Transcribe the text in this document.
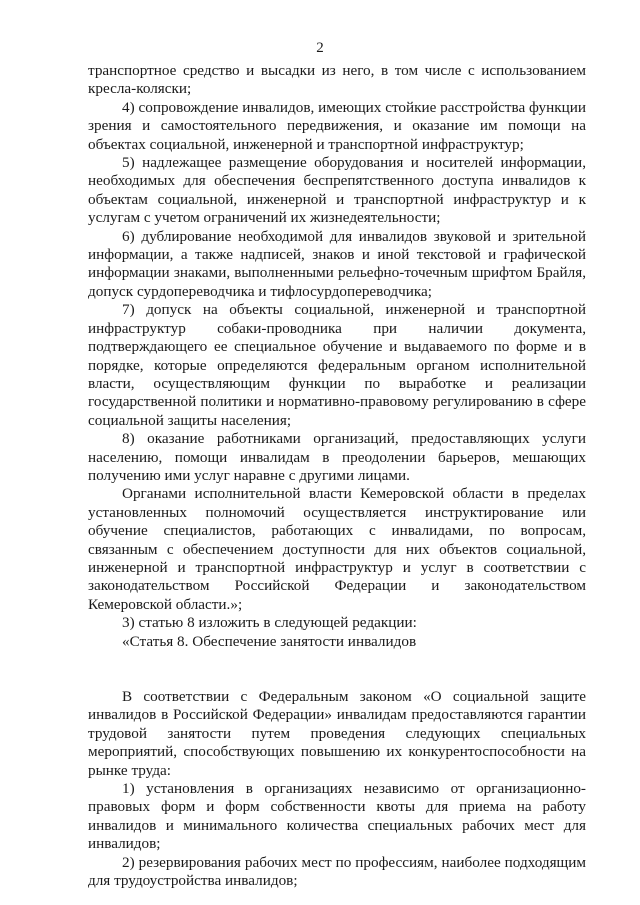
2

транспортное средство и высадки из него, в том числе с использованием кресла-коляски;

4) сопровождение инвалидов, имеющих стойкие расстройства функции зрения и самостоятельного передвижения, и оказание им помощи на объектах социальной, инженерной и транспортной инфраструктур;

5) надлежащее размещение оборудования и носителей информации, необходимых для обеспечения беспрепятственного доступа инвалидов к объектам социальной, инженерной и транспортной инфраструктур и к услугам с учетом ограничений их жизнедеятельности;

6) дублирование необходимой для инвалидов звуковой и зрительной информации, а также надписей, знаков и иной текстовой и графической информации знаками, выполненными рельефно-точечным шрифтом Брайля, допуск сурдопереводчика и тифлосурдопереводчика;

7) допуск на объекты социальной, инженерной и транспортной инфраструктур собаки-проводника при наличии документа, подтверждающего ее специальное обучение и выдаваемого по форме и в порядке, которые определяются федеральным органом исполнительной власти, осуществляющим функции по выработке и реализации государственной политики и нормативно-правовому регулированию в сфере социальной защиты населения;

8) оказание работниками организаций, предоставляющих услуги населению, помощи инвалидам в преодолении барьеров, мешающих получению ими услуг наравне с другими лицами.

Органами исполнительной власти Кемеровской области в пределах установленных полномочий осуществляется инструктирование или обучение специалистов, работающих с инвалидами, по вопросам, связанным с обеспечением доступности для них объектов социальной, инженерной и транспортной инфраструктур и услуг в соответствии с законодательством Российской Федерации и законодательством Кемеровской области.»;

3) статью 8 изложить в следующей редакции:

«Статья 8. Обеспечение занятости инвалидов

В соответствии с Федеральным законом «О социальной защите инвалидов в Российской Федерации» инвалидам предоставляются гарантии трудовой занятости путем проведения следующих специальных мероприятий, способствующих повышению их конкурентоспособности на рынке труда:

1) установления в организациях независимо от организационно-правовых форм и форм собственности квоты для приема на работу инвалидов и минимального количества специальных рабочих мест для инвалидов;

2) резервирования рабочих мест по профессиям, наиболее подходящим для трудоустройства инвалидов;
